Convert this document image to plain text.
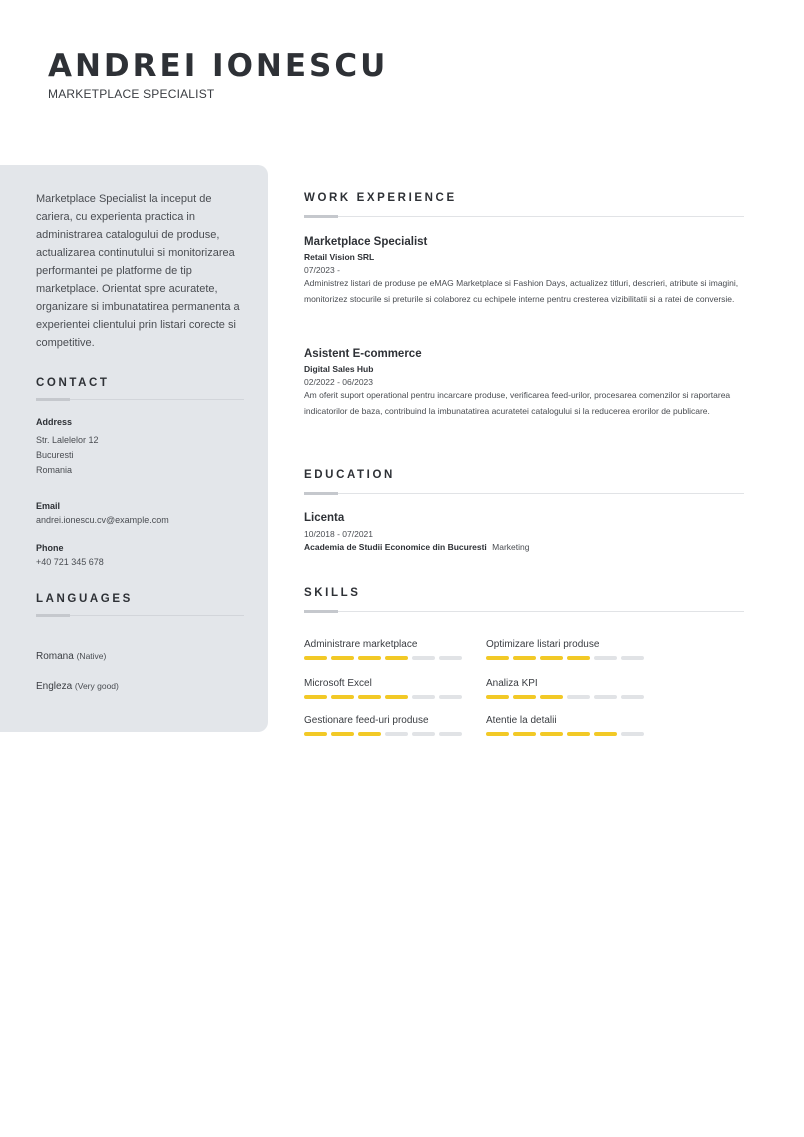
ANDREI IONESCU
MARKETPLACE SPECIALIST
Marketplace Specialist la inceput de cariera, cu experienta practica in administrarea catalogului de produse, actualizarea continutului si monitorizarea performantei pe platforme de tip marketplace. Orientat spre acuratete, organizare si imbunatatirea permanenta a experientei clientului prin listari corecte si competitive.
CONTACT
Address
Str. Lalelelor 12
Bucuresti
Romania
Email
andrei.ionescu.cv@example.com
Phone
+40 721 345 678
LANGUAGES
Romana (Native)
Engleza (Very good)
WORK EXPERIENCE
Marketplace Specialist
Retail Vision SRL
07/2023 -
Administrez listari de produse pe eMAG Marketplace si Fashion Days, actualizez titluri, descrieri, atribute si imagini, monitorizez stocurile si preturile si colaborez cu echipele interne pentru cresterea vizibilitatii si a ratei de conversie.
Asistent E-commerce
Digital Sales Hub
02/2022 - 06/2023
Am oferit suport operational pentru incarcare produse, verificarea feed-urilor, procesarea comenzilor si raportarea indicatorilor de baza, contribuind la imbunatatirea acuratetei catalogului si la reducerea erorilor de publicare.
EDUCATION
Licenta
10/2018 - 07/2021
Academia de Studii Economice din Bucuresti Marketing
SKILLS
Administrare marketplace	Optimizare listari produse
Microsoft Excel	Analiza KPI
Gestionare feed-uri produse	Atentie la detalii
